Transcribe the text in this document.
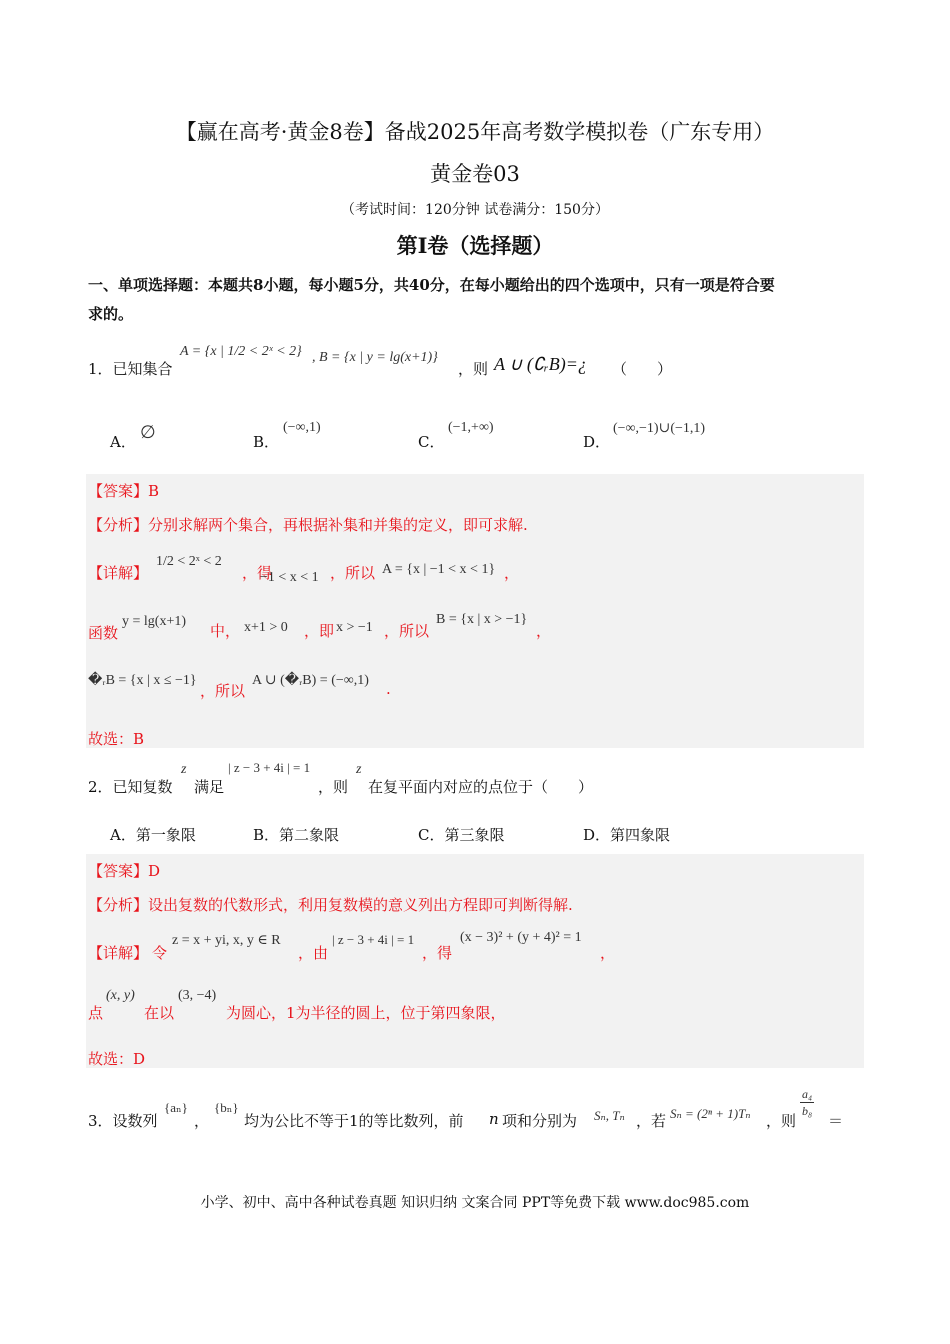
【赢在高考·黄金8卷】备战2025年高考数学模拟卷（广东专用）
黄金卷03
（考试时间：120分钟 试卷满分：150分）
第I卷（选择题）
一、单项选择题：本题共8小题，每小题5分，共40分，在每小题给出的四个选项中，只有一项是符合要
求的。
1．已知集合
A = {x | 1/2 < 2ˣ < 2} , B = {x | y = lg(x+1)}
，则 A ∪ (∁ᵣB)=¿ （　　）
A． ∅	B．
(−∞,1)
C．
(−1,+∞)
D．
(−∞,−1)∪(−1,1)
【答案】B
【分析】分别求解两个集合，再根据补集和并集的定义，即可求解.
【详解】
1/2 < 2ˣ < 2
，得
−1 < x < 1 ，所以 A = {x | −1 < x < 1} ，
函数
y = lg(x+1)
中， x+1 > 0 ，即 x > −1 ，所以
B = {x | x > −1}
，
�ᵣB = {x | x ≤ −1}
，所以
A ∪ (�ᵣB) = (−∞,1) .
故选：B
2．已知复数
z
满足
| z − 3 + 4i | = 1
，则
z
在复平面内对应的点位于（　　）
A．第一象限	B．第二象限	C．第三象限	D．第四象限
【答案】D
【分析】设出复数的代数形式，利用复数模的意义列出方程即可判断得解.
【详解】 令
z = x + yi, x, y ∈ R
，由
| z − 3 + 4i | = 1
，得
(x − 3)² + (y + 4)² = 1
，
点
(x, y)
在以
(3, −4)
为圆心，1为半径的圆上，位于第四象限，
故选：D
3．设数列
{aₙ}
，
{bₙ}
均为公比不等于1的等比数列，前 n 项和分别为 Sₙ, Tₙ ，若 Sₙ = (2ⁿ + 1)Tₙ ，则
$\frac{\text{a₄}}{\text{b₈}}$
＝
小学、初中、高中各种试卷真题 知识归纳 文案合同 PPT等免费下载 www.doc985.com
